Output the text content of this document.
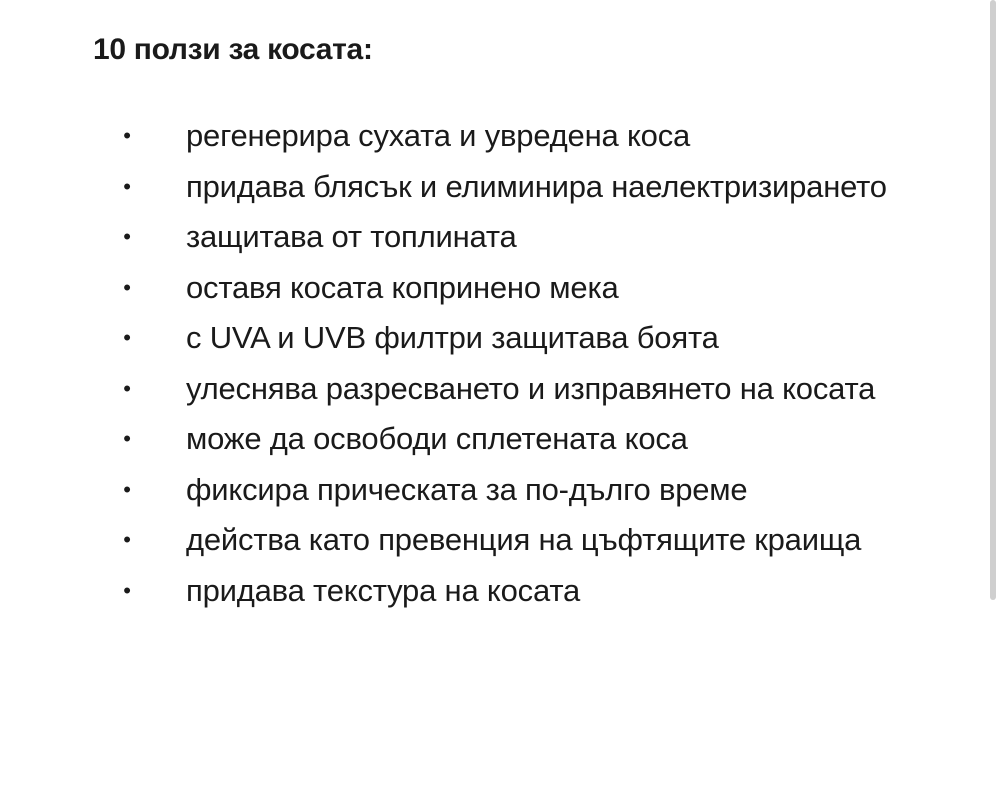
10 ползи за косата:
• регенерира сухата и увредена коса
• придава блясък и елиминира наелектризирането
• защитава от топлината
• оставя косата копринено мека
• с UVA и UVB филтри защитава боята
• улеснява разресването и изправянето на косата
• може да освободи сплетената коса
• фиксира прическата за по-дълго време
• действа като превенция на цъфтящите краища
• придава текстура на косата
